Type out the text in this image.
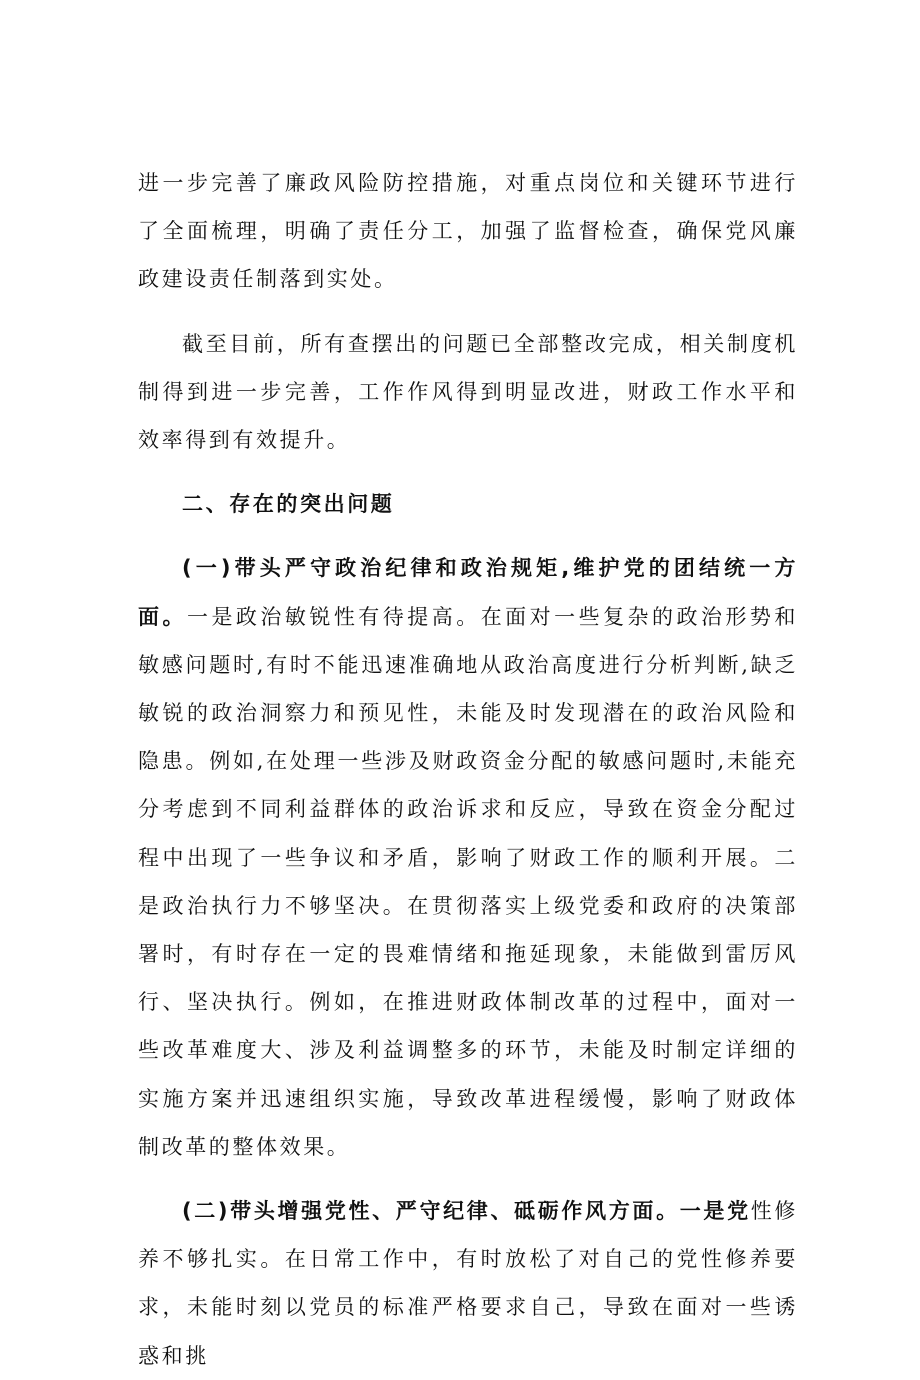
进一步完善了廉政风险防控措施，对重点岗位和关键环节进行了全面梳理，明确了责任分工，加强了监督检查，确保党风廉政建设责任制落到实处。

截至目前，所有查摆出的问题已全部整改完成，相关制度机制得到进一步完善，工作作风得到明显改进，财政工作水平和效率得到有效提升。

二、存在的突出问题

(一)带头严守政治纪律和政治规矩,维护党的团结统一方面。一是政治敏锐性有待提高。在面对一些复杂的政治形势和敏感问题时,有时不能迅速准确地从政治高度进行分析判断,缺乏敏锐的政治洞察力和预见性，未能及时发现潜在的政治风险和隐患。例如,在处理一些涉及财政资金分配的敏感问题时,未能充分考虑到不同利益群体的政治诉求和反应，导致在资金分配过程中出现了一些争议和矛盾，影响了财政工作的顺利开展。二是政治执行力不够坚决。在贯彻落实上级党委和政府的决策部署时，有时存在一定的畏难情绪和拖延现象，未能做到雷厉风行、坚决执行。例如，在推进财政体制改革的过程中，面对一些改革难度大、涉及利益调整多的环节，未能及时制定详细的实施方案并迅速组织实施，导致改革进程缓慢，影响了财政体制改革的整体效果。

(二)带头增强党性、严守纪律、砥砺作风方面。一是党性修养不够扎实。在日常工作中，有时放松了对自己的党性修养要求，未能时刻以党员的标准严格要求自己，导致在面对一些诱惑和挑
